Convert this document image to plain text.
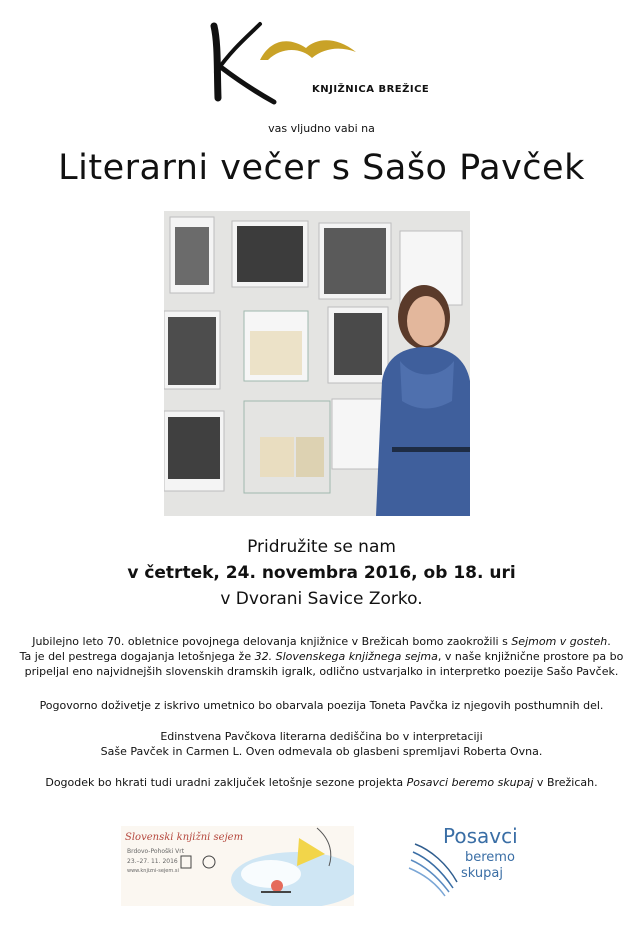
KNJIŽNICA BREŽICE
vas vljudno vabi na
Literarni večer s Sašo Pavček
Pridružite se nam
v četrtek, 24. novembra 2016, ob 18. uri
v Dvorani Savice Zorko.
Jubilejno leto 70. obletnice povojnega delovanja knjižnice v Brežicah bomo zaokrožili s Sejmom v gosteh.
Ta je del pestrega dogajanja letošnjega že 32. Slovenskega knjižnega sejma, v naše knjižnične prostore pa bo
pripeljal eno najvidnejših slovenskih dramskih igralk, odlično ustvarjalko in interpretko poezije Sašo Pavček.
Pogovorno doživetje z iskrivo umetnico bo obarvala poezija Toneta Pavčka iz njegovih posthumnih del.
Edinstvena Pavčkova literarna dediščina bo v interpretaciji
Saše Pavček in Carmen L. Oven odmevala ob glasbeni spremljavi Roberta Ovna.
Dogodek bo hkrati tudi uradni zaključek letošnje sezone projekta Posavci beremo skupaj v Brežicah.
Slovenski knjižni sejem
Brdovo-Pohoški Vrt
23.–27. 11. 2016
www.knjizni-sejem.si
Posavci
beremo
skupaj
